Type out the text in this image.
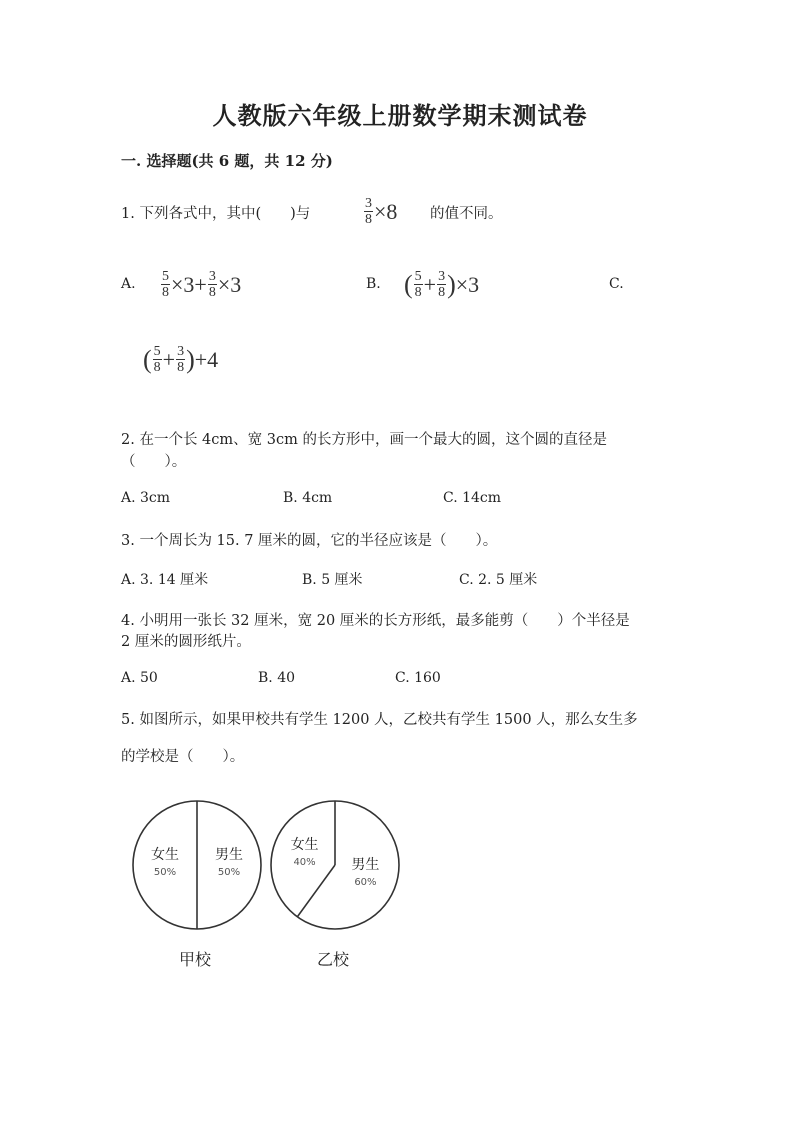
人教版六年级上册数学期末测试卷
一. 选择题(共 6 题，共 12 分)
1. 下列各式中，其中(　　)与	$\frac{3}{8} \times 8$ 的值不同。
A. $\frac{5}{8} \times 3+ \frac{3}{8} \times 3$	B. ( $\frac{5}{8} + \frac{3}{8}$ ) ×3	C.
( $\frac{5}{8} + \frac{3}{8}$ ) +4
2. 在一个长 4cm、宽 3cm 的长方形中，画一个最大的圆，这个圆的直径是
（　　）。
A. 3cm	B. 4cm	C. 14cm
3. 一个周长为 15. 7 厘米的圆，它的半径应该是（　　）。
A. 3. 14 厘米	B. 5 厘米	C. 2. 5 厘米
4. 小明用一张长 32 厘米，宽 20 厘米的长方形纸，最多能剪（　　）个半径是
2 厘米的圆形纸片。
A. 50	B. 40	C. 160
5. 如图所示，如果甲校共有学生 1200 人，乙校共有学生 1500 人，那么女生多
的学校是（　　）。
女生
50%
男生
50%
甲校
女生
40%	男生
60%
乙校
